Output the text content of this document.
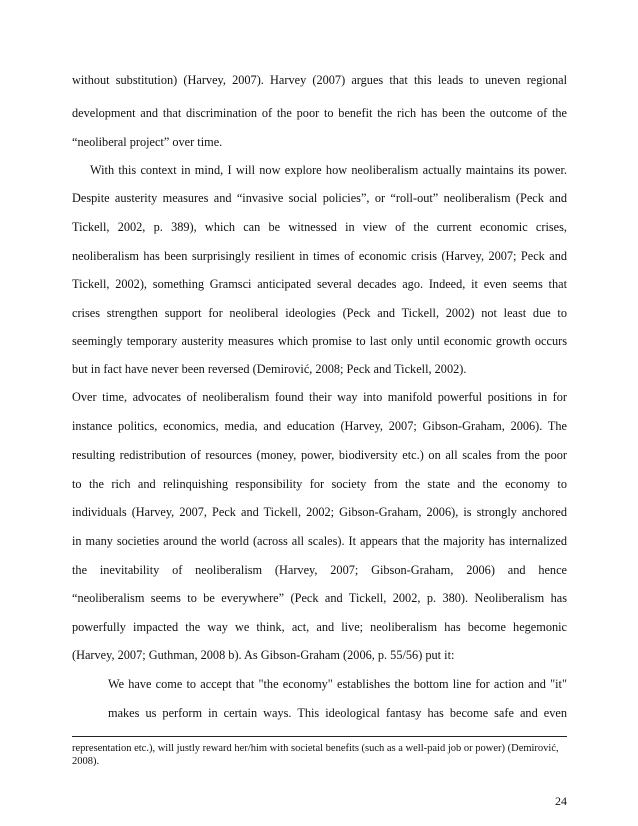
without substitution) (Harvey, 2007). Harvey (2007) argues that this leads to uneven regional
development and that discrimination of the poor to benefit the rich has been the outcome of the
“neoliberal project” over time.
With this context in mind, I will now explore how neoliberalism actually maintains its power.
Despite austerity measures and “invasive social policies”, or “roll-out” neoliberalism (Peck and
Tickell, 2002, p. 389), which can be witnessed in view of the current economic crises,
neoliberalism has been surprisingly resilient in times of economic crisis (Harvey, 2007; Peck and
Tickell, 2002), something Gramsci anticipated several decades ago. Indeed, it even seems that
crises strengthen support for neoliberal ideologies (Peck and Tickell, 2002) not least due to
seemingly temporary austerity measures which promise to last only until economic growth occurs
but in fact have never been reversed (Demirović, 2008; Peck and Tickell, 2002).
Over time, advocates of neoliberalism found their way into manifold powerful positions in for
instance politics, economics, media, and education (Harvey, 2007; Gibson-Graham, 2006). The
resulting redistribution of resources (money, power, biodiversity etc.) on all scales from the poor
to the rich and relinquishing responsibility for society from the state and the economy to
individuals (Harvey, 2007, Peck and Tickell, 2002; Gibson-Graham, 2006), is strongly anchored
in many societies around the world (across all scales). It appears that the majority has internalized
the inevitability of neoliberalism (Harvey, 2007; Gibson-Graham, 2006) and hence
“neoliberalism seems to be everywhere” (Peck and Tickell, 2002, p. 380). Neoliberalism has
powerfully impacted the way we think, act, and live; neoliberalism has become hegemonic
(Harvey, 2007; Guthman, 2008 b). As Gibson-Graham (2006, p. 55/56) put it:
We have come to accept that "the economy" establishes the bottom line for action and "it"
makes us perform in certain ways. This ideological fantasy has become safe and even
representation etc.), will justly reward her/him with societal benefits (such as a well-paid job or power) (Demirović,
2008).
24
